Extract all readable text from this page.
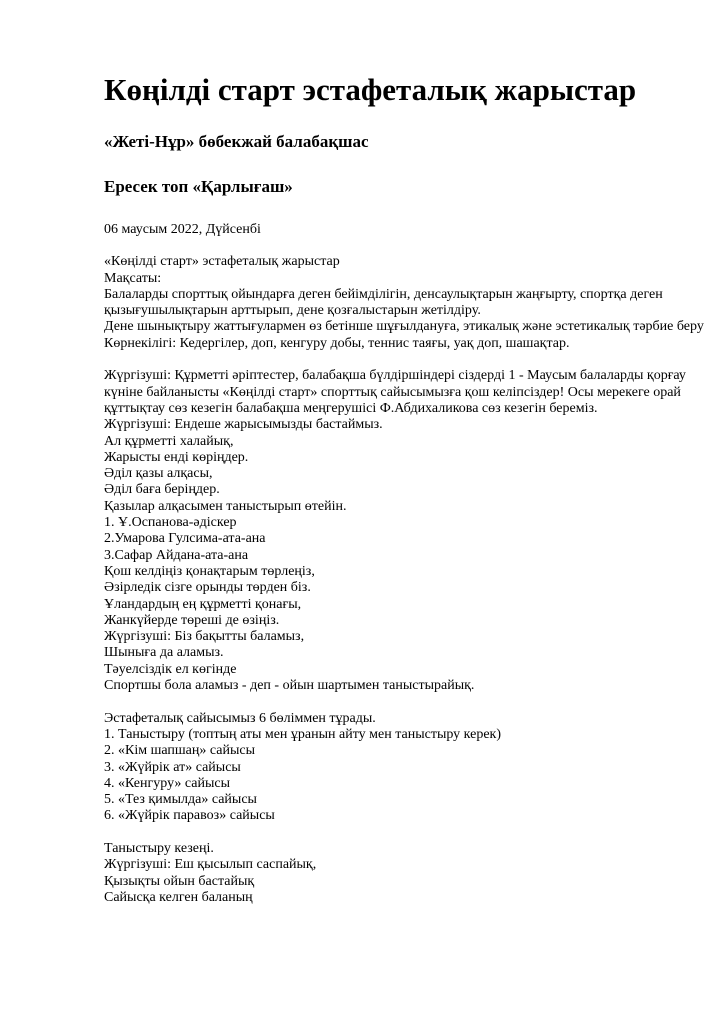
Көңілді старт эстафеталық жарыстар
«Жеті-Нұр» бөбекжай балабақшас
Ересек топ «Қарлығаш»
06 маусым 2022, Дүйсенбі

«Көңілді старт» эстафеталық жарыстар

Мақсаты:

Балаларды спорттық ойындарға деген бейімділігін, денсаулықтарын жаңғырту, спортқа деген қызығушылықтарын арттырып, дене қозғалыстарын жетілдіру.

Дене шынықтыру жаттығулармен өз бетінше шұғылдануға, этикалық және эстетикалық тәрбие беру

Көрнекілігі: Кедергілер, доп, кенгуру добы, теннис таяғы, уақ доп, шашақтар.

Жүргізуші: Құрметті әріптестер, балабақша бүлдіршіндері сіздерді 1 - Маусым балаларды қорғау күніне байланысты «Көңілді старт» спорттық сайысымызға қош келіпсіздер! Осы мерекеге орай құттықтау сөз кезегін балабақша меңгерушісі Ф.Абдихаликова сөз кезегін береміз.

Жүргізуші: Ендеше жарысымызды бастаймыз.

Ал құрметті халайық,

Жарысты енді көріңдер.

Әділ қазы алқасы,

Әділ баға беріңдер.

Қазылар алқасымен таныстырып өтейін.

1. Ұ.Оспанова-әдіскер

2.Умарова Гулсима-ата-ана

3.Сафар Айдана-ата-ана

Қош келдіңіз қонақтарым төрлеңіз,

Әзірледік сізге орынды төрден біз.

Ұландардың ең құрметті қонағы,

Жанкүйерде төреші де өзіңіз.

Жүргізуші: Біз бақытты баламыз,

Шынығa да аламыз.

Тәуелсіздік ел көгінде

Спортшы бола аламыз - деп - ойын шартымен таныстырайық.

Эстафеталық сайысымыз 6 бөліммен тұрады.

1. Таныстыру (топтың аты мен ұранын айту мен таныстыру керек)

2. «Кім шапшаң» сайысы

3. «Жүйрік ат» сайысы

4. «Кенгуру» сайысы

5. «Тез қимылда» сайысы

6. «Жүйрік паравоз» сайысы

Таныстыру кезеңі.

Жүргізуші: Еш қысылып саспайық,

Қызықты ойын бастайық

Сайысқа келген баланың
